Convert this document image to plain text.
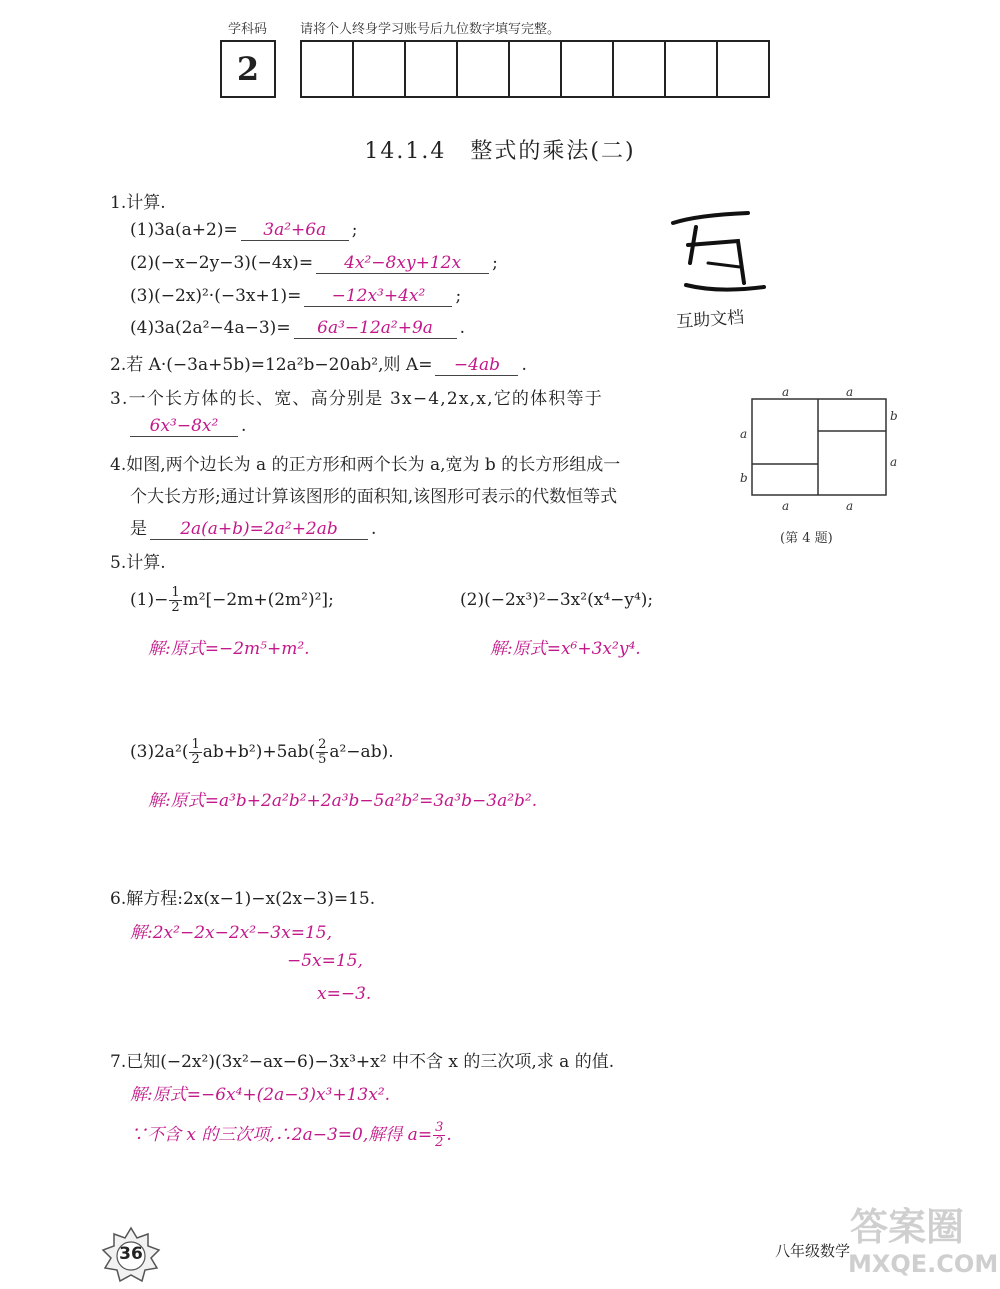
学科码	请将个人终身学习账号后九位数字填写完整。
2
14.1.4　整式的乘法(二)
1.计算.
(1)3a(a+2)= 3a²+6a ;
(2)(−x−2y−3)(−4x)= 4x²−8xy+12x ;
(3)(−2x)²·(−3x+1)= −12x³+4x² ;
(4)3a(2a²−4a−3)= 6a³−12a²+9a .	互助文档
2.若 A·(−3a+5b)=12a²b−20ab²,则 A= −4ab .
3.一个长方体的长、宽、高分别是 3x−4,2x,x,它的体积等于
6x³−8x² .
4.如图,两个边长为 a 的正方形和两个长为 a,宽为 b 的长方形组成一
个大长方形;通过计算该图形的面积知,该图形可表示的代数恒等式
是 2a(a+b)=2a²+2ab .
a	a
a	a
a
b
b
a
(第 4 题)
5.计算.
$(1)- \frac{1}{2} m^2[-2m+(2m^2)^2]$;	(2)(−2x³)²−3x²(x⁴−y⁴);
解:原式=−2m⁵+m².	解:原式=x⁶+3x²y⁴.
$(3)2a^2( \frac{1}{2} ab+b^2)+5ab( \frac{2}{5} a^2-ab)$.
解:原式=a³b+2a²b²+2a³b−5a²b²=3a³b−3a²b².
6.解方程:2x(x−1)−x(2x−3)=15.
解:2x²−2x−2x²−3x=15,
−5x=15,
x=−3.
7.已知(−2x²)(3x²−ax−6)−3x³+x² 中不含 x 的三次项,求 a 的值.
解:原式=−6x⁴+(2a−3)x³+13x².
∵不含 x 的三次项,∴2a−3=0,解得 $a= \frac{3}{2}$ .
36	八年级数学
答案圈
MXQE.COM
